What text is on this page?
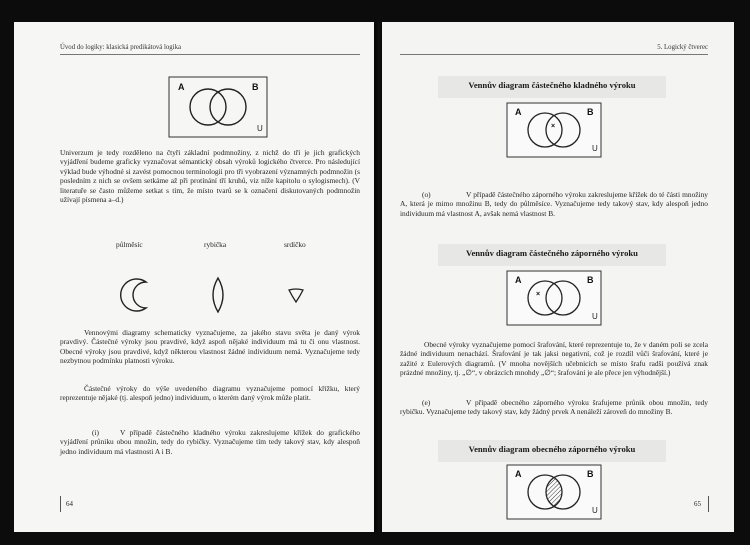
Úvod do logiky: klasická predikátová logika
A	B
U

Univerzum je tedy rozděleno na čtyři základní podmnožiny, z nichž do tří je jich grafických vyjádření budeme graficky vyznačovat sémantický obsah výroků logického čtverce. Pro následující výklad bude výhodné si zavést pomocnou terminologii pro tři vyobrazení významných podmnožin (s posledním z nich se ovšem setkáme až při protínání tří kruhů, viz níže kapitolu o sylogismech). (V literatuře se často můžeme setkat s tím, že místo tvarů se k označení diskutovaných podmnožin užívají písmena a–d.)

půlměsíc	rybička	srdíčko

Vennovými diagramy schematicky vyznačujeme, za jakého stavu světa je daný výrok pravdivý. Částečné výroky jsou pravdivé, když aspoň nějaké individuum má tu či onu vlastnost. Obecné výroky jsou pravdivé, když některou vlastnost žádné individuum nemá. Vyznačujeme tedy nezbytnou podmínku platnosti výroku.

Částečné výroky do výše uvedeného diagramu vyznačujeme pomocí křížku, který reprezentuje nějaké (tj. alespoň jedno) individuum, o kterém daný výrok může platit.

(i)	V případě částečného kladného výroku zakreslujeme křížek do grafického vyjádření průniku obou množin, tedy do rybičky. Vyznačujeme tím tedy takový stav, kdy alespoň jedno individuum má vlastnosti A i B.

64
5. Logický čtverec
Vennův diagram částečného kladného výroku
A	B
U
×
(o)	V případě částečného záporného výroku zakreslujeme křížek do té části množiny A, která je mimo množinu B, tedy do půlměsíce. Vyznačujeme tedy takový stav, kdy alespoň jedno individuum má vlastnost A, avšak nemá vlastnost B.

Vennův diagram částečného záporného výroku
A	B
U
×

Obecné výroky vyznačujeme pomocí šrafování, které reprezentuje to, že v daném poli se zcela žádné individuum nenachází. Šrafování je tak jaksi negativní, což je rozdíl vůči šrafování, které je zažité z Eulerových diagramů. (V mnoha novějších učebnicích se místo šrafu radši používá znak prázdné množiny, tj. „∅“, v obrázcích mnohdy „∅“; šrafování je ale přece jen výhodnější.)

(e)	V případě obecného záporného výroku šrafujeme průnik obou množin, tedy rybičku. Vyznačujeme tedy takový stav, kdy žádný prvek A nenáleží zároveň do množiny B.

Vennův diagram obecného záporného výroku
A	B
U
65
